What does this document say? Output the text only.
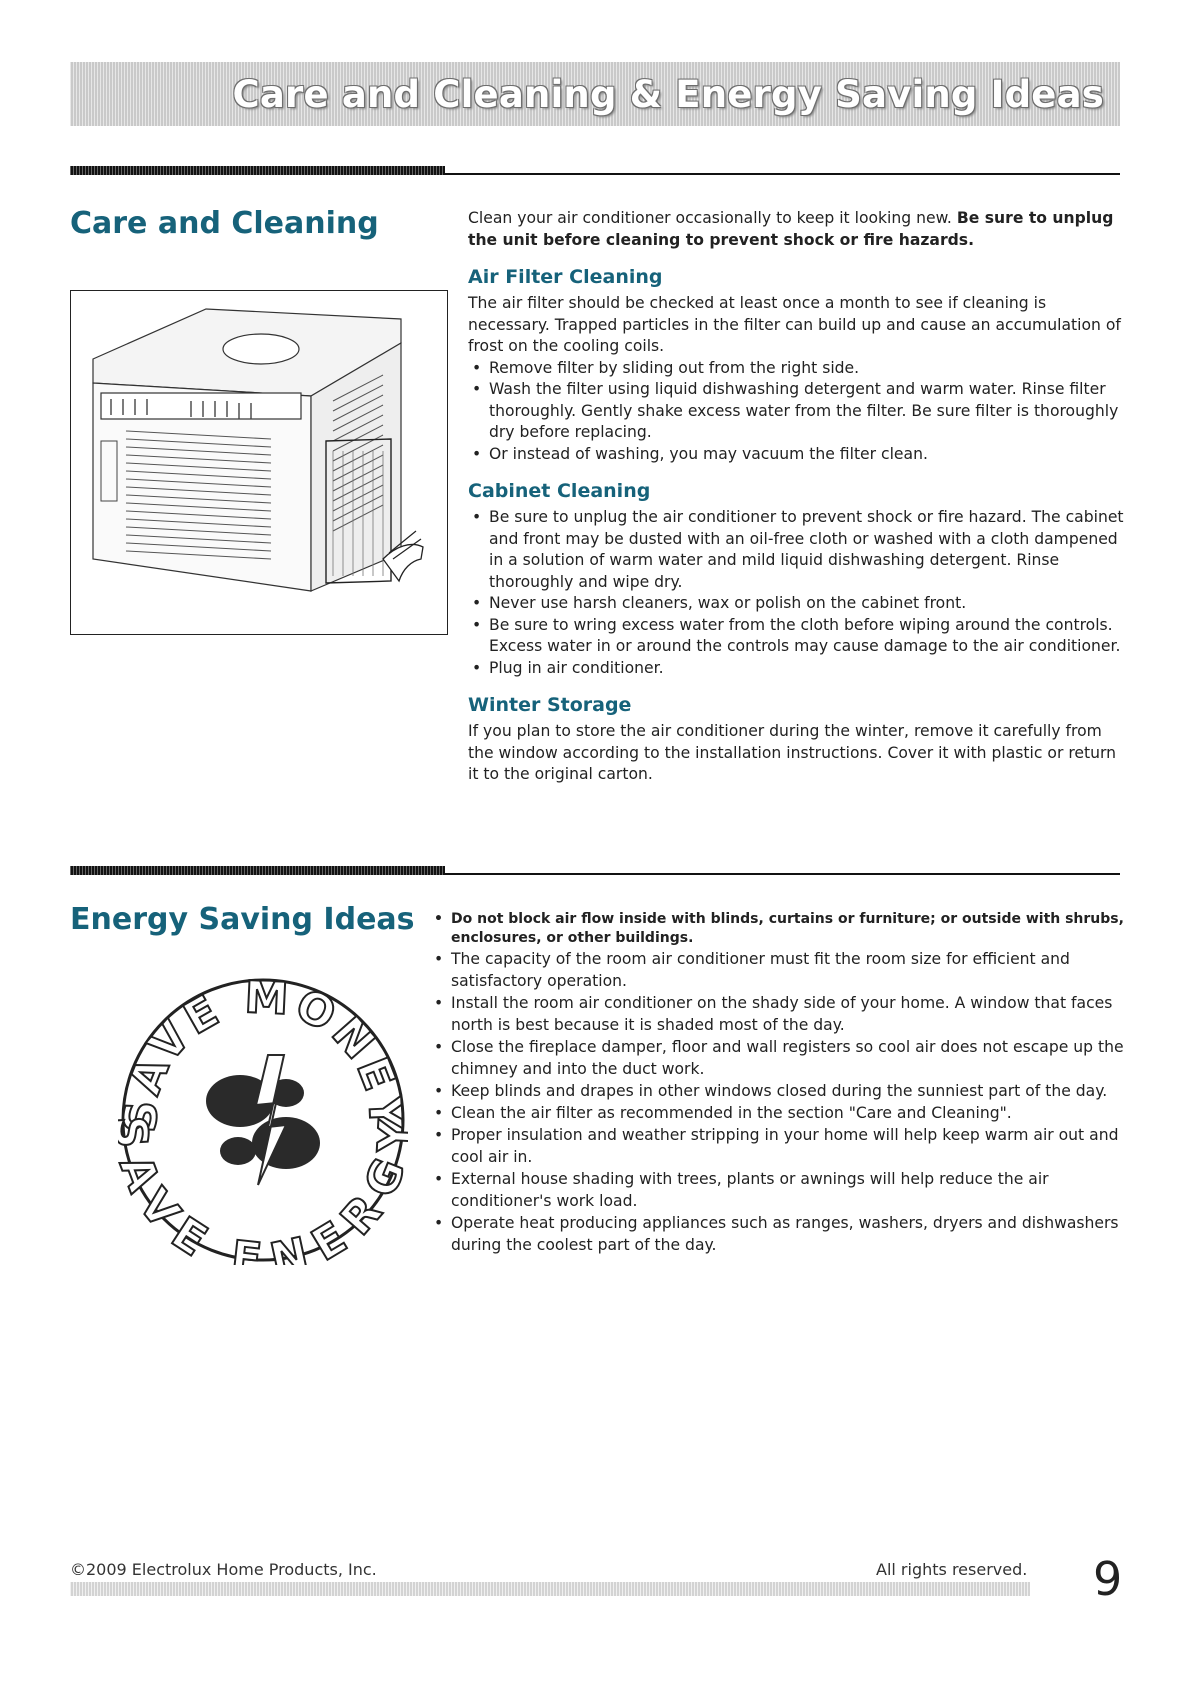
Care and Cleaning & Energy Saving Ideas
Care and Cleaning	Clean your air conditioner occasionally to keep it looking new. Be sure to unplug the unit before cleaning to prevent shock or fire hazards.

Air Filter Cleaning

The air filter should be checked at least once a month to see if cleaning is necessary. Trapped particles in the filter can build up and cause an accumulation of frost on the cooling coils.

• Remove filter by sliding out from the right side.
• Wash the filter using liquid dishwashing detergent and warm water. Rinse filter thoroughly. Gently shake excess water from the filter. Be sure filter is thoroughly dry before replacing.
• Or instead of washing, you may vacuum the filter clean.
Cabinet Cleaning
• Be sure to unplug the air conditioner to prevent shock or fire hazard. The cabinet and front may be dusted with an oil-free cloth or washed with a cloth dampened in a solution of warm water and mild liquid dishwashing detergent. Rinse thoroughly and wipe dry.
• Never use harsh cleaners, wax or polish on the cabinet front.
• Be sure to wring excess water from the cloth before wiping around the controls. Excess water in or around the controls may cause damage to the air conditioner.
• Plug in air conditioner.
Winter Storage

If you plan to store the air conditioner during the winter, remove it carefully from the window according to the installation instructions. Cover it with plastic or return it to the original carton.

Energy Saving Ideas
SAVE MONEY
VE ENER
• Do not block air flow inside with blinds, curtains or furniture; or outside with shrubs, enclosures, or other buildings.
• The capacity of the room air conditioner must fit the room size for efficient and satisfactory operation.
• Install the room air conditioner on the shady side of your home. A window that faces north is best because it is shaded most of the day.
• Close the fireplace damper, floor and wall registers so cool air does not escape up the chimney and into the duct work.
• Keep blinds and drapes in other windows closed during the sunniest part of the day.
• Clean the air filter as recommended in the section "Care and Cleaning".
• Proper insulation and weather stripping in your home will help keep warm air out and cool air in.
• External house shading with trees, plants or awnings will help reduce the air conditioner's work load.
• Operate heat producing appliances such as ranges, washers, dryers and dishwashers during the coolest part of the day.
©2009 Electrolux Home Products, Inc.	All rights reserved. 9
